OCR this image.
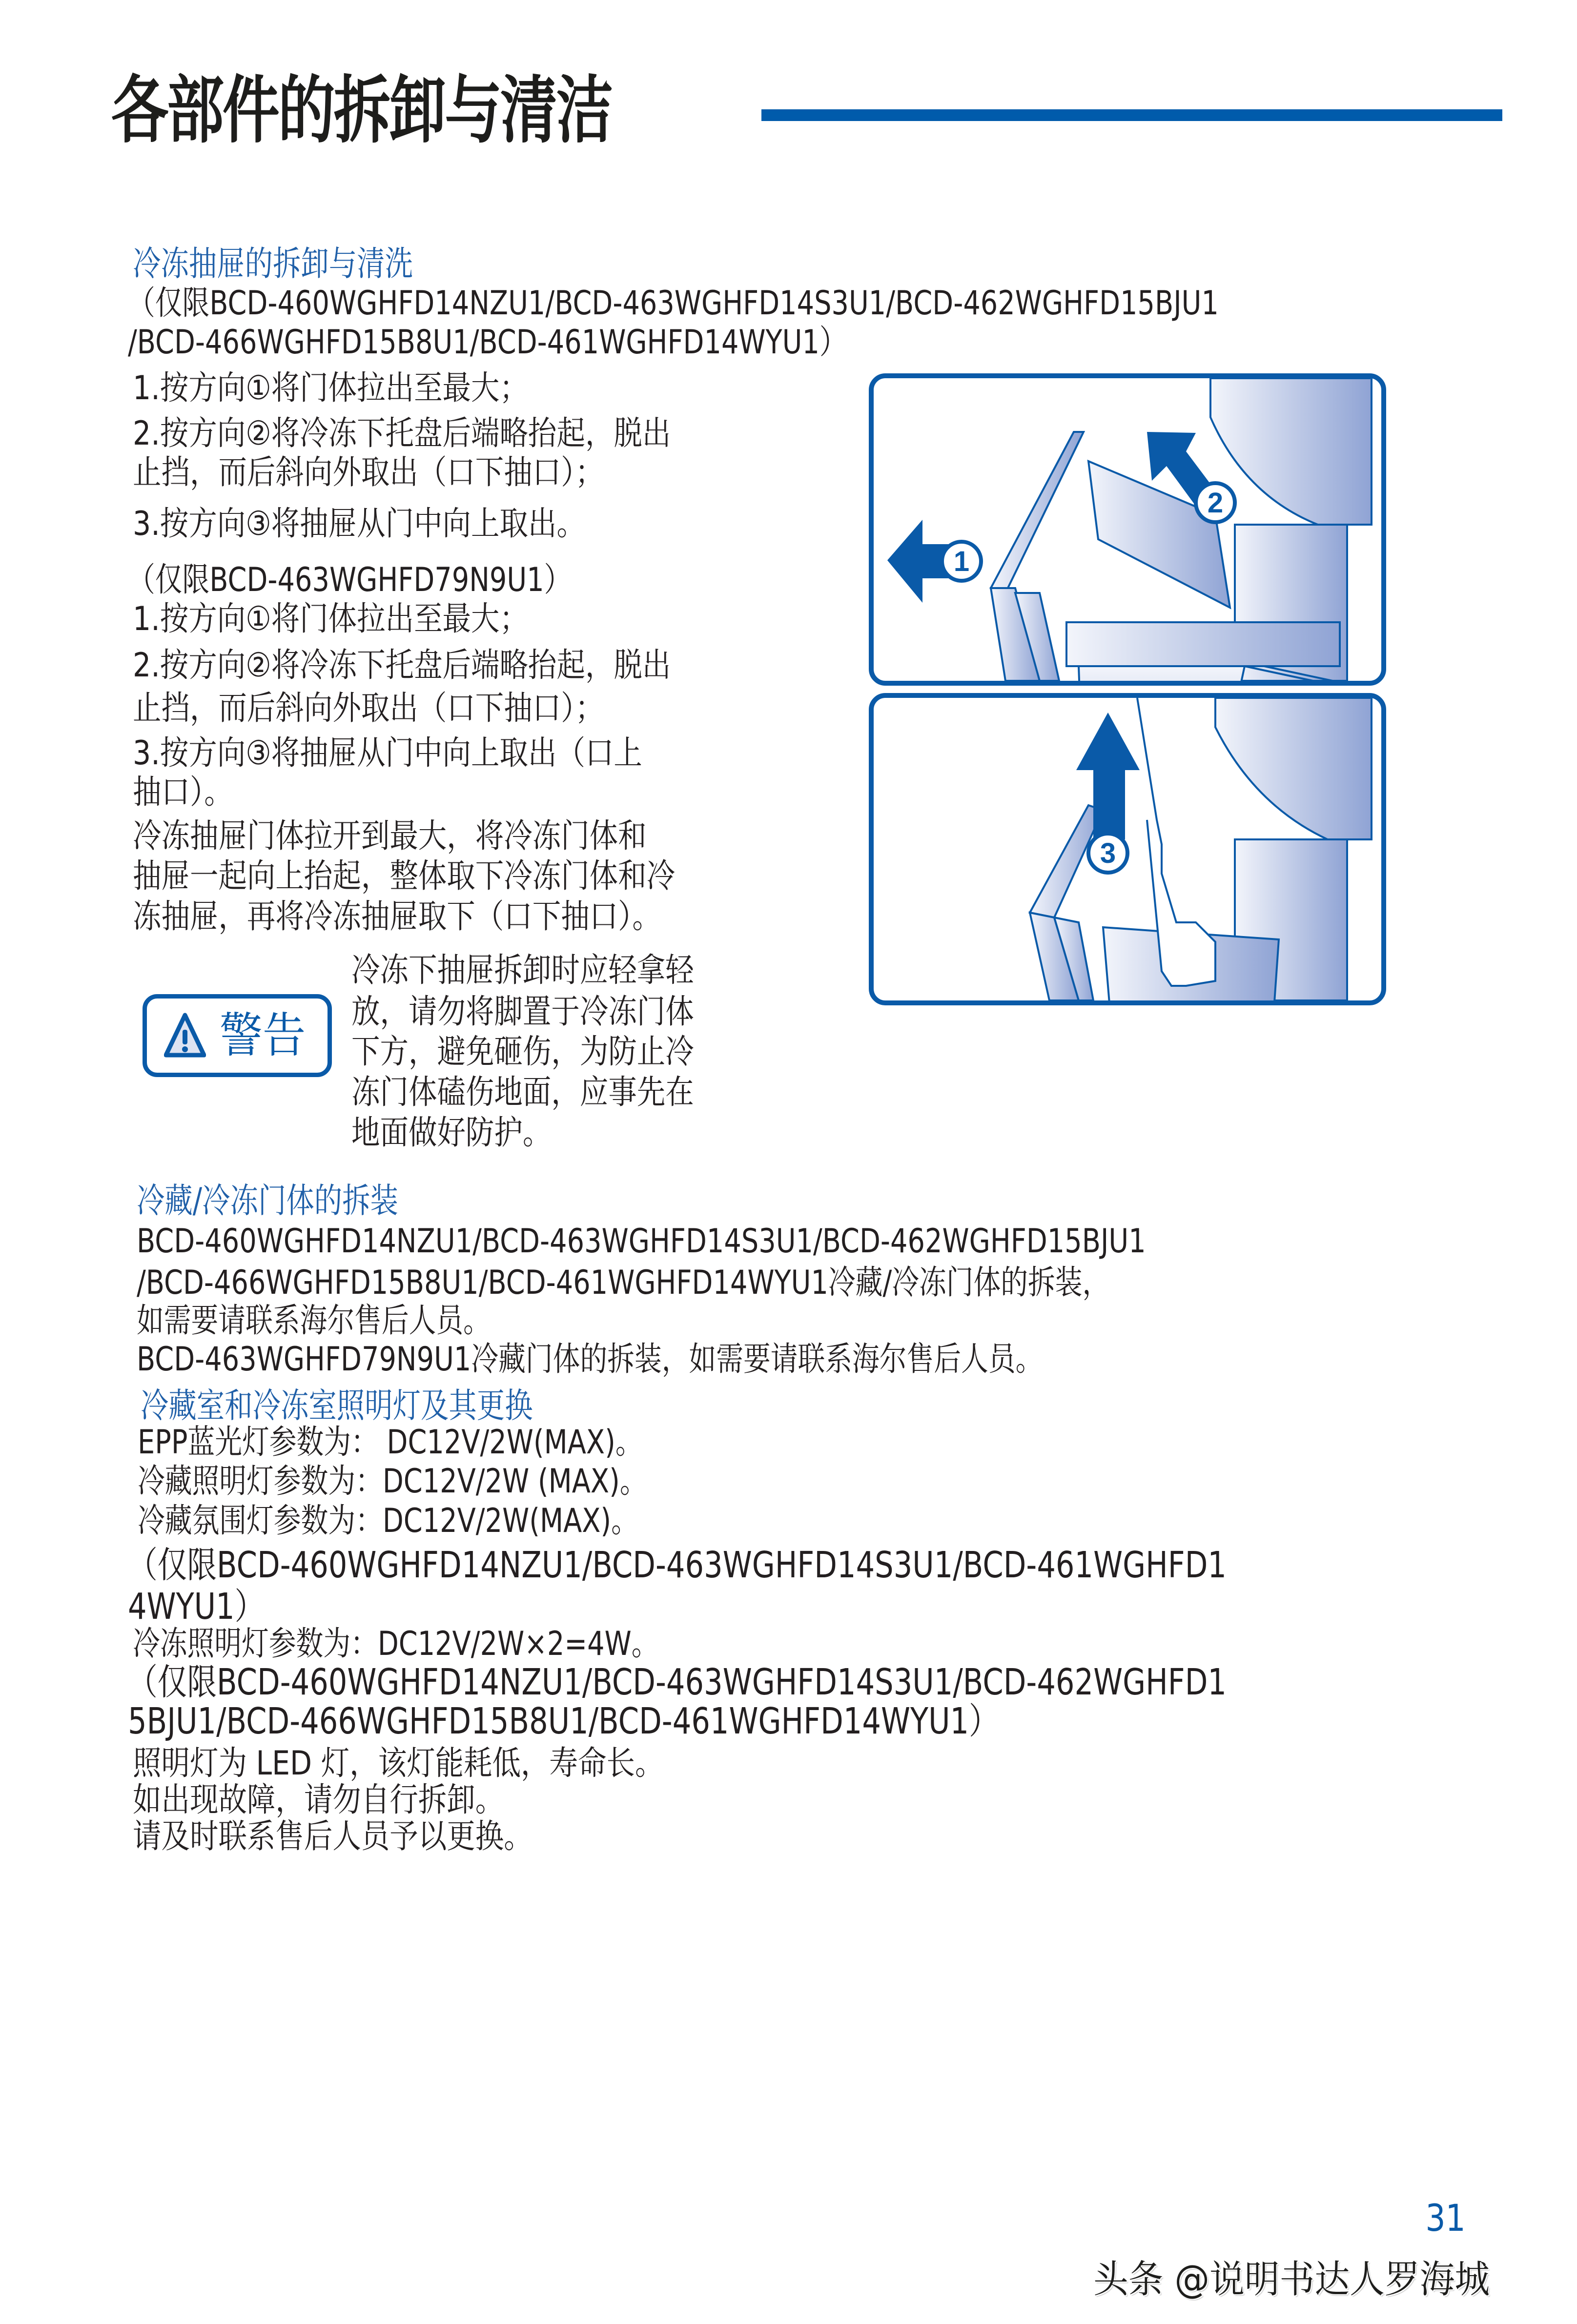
各部件的拆卸与清洁
冷冻抽屉的拆卸与清洗
（仅限BCD-460WGHFD14NZU1/BCD-463WGHFD14S3U1/BCD-462WGHFD15BJU1
/BCD-466WGHFD15B8U1/BCD-461WGHFD14WYU1）
1.按方向①将门体拉出至最大；
2.按方向②将冷冻下托盘后端略抬起，脱出
止挡，而后斜向外取出（口下抽口）；
3.按方向③将抽屉从门中向上取出。
（仅限BCD-463WGHFD79N9U1）
1.按方向①将门体拉出至最大；
2.按方向②将冷冻下托盘后端略抬起，脱出
止挡，而后斜向外取出（口下抽口）；
3.按方向③将抽屉从门中向上取出（口上
抽口）。
冷冻抽屉门体拉开到最大，将冷冻门体和
抽屉一起向上抬起，整体取下冷冻门体和冷
冻抽屉，再将冷冻抽屉取下（口下抽口）。
警告
冷冻下抽屉拆卸时应轻拿轻
放，请勿将脚置于冷冻门体
下方，避免砸伤，为防止冷
冻门体磕伤地面，应事先在
地面做好防护。
1
2
3
冷藏/冷冻门体的拆装
BCD-460WGHFD14NZU1/BCD-463WGHFD14S3U1/BCD-462WGHFD15BJU1
/BCD-466WGHFD15B8U1/BCD-461WGHFD14WYU1冷藏/冷冻门体的拆装，
如需要请联系海尔售后人员。
BCD-463WGHFD79N9U1冷藏门体的拆装，如需要请联系海尔售后人员。
冷藏室和冷冻室照明灯及其更换
EPP蓝光灯参数为： DC12V/2W(MAX)。
冷藏照明灯参数为：DC12V/2W (MAX)。
冷藏氛围灯参数为：DC12V/2W(MAX)。
（仅限BCD-460WGHFD14NZU1/BCD-463WGHFD14S3U1/BCD-461WGHFD1
4WYU1）
冷冻照明灯参数为：DC12V/2W×2=4W。
（仅限BCD-460WGHFD14NZU1/BCD-463WGHFD14S3U1/BCD-462WGHFD1
5BJU1/BCD-466WGHFD15B8U1/BCD-461WGHFD14WYU1）
照明灯为 LED 灯，该灯能耗低，寿命长。
如出现故障，请勿自行拆卸。
请及时联系售后人员予以更换。
31
头条 @说明书达人罗海城
